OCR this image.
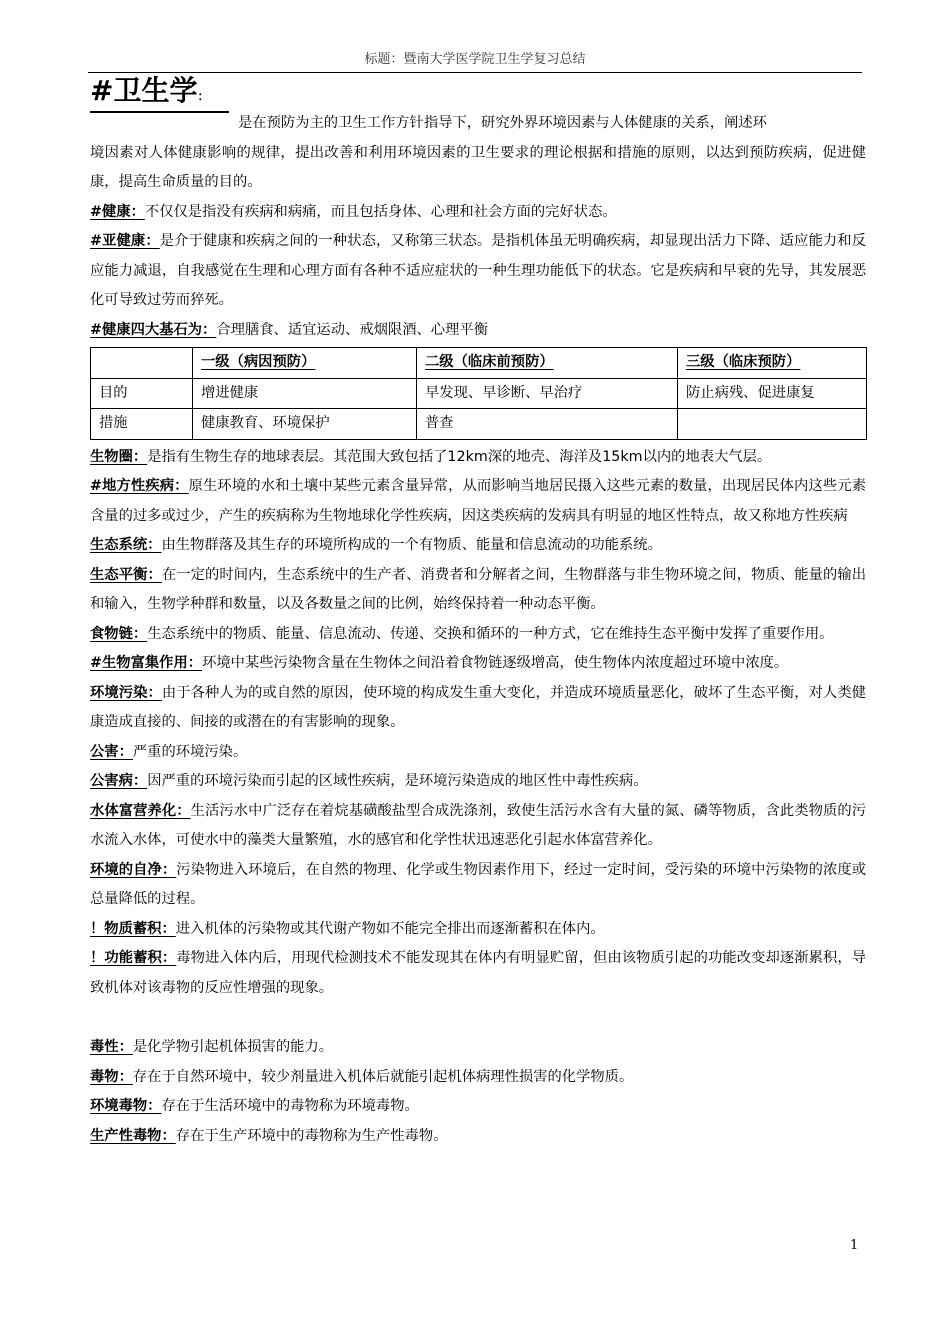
标题：暨南大学医学院卫生学复习总结
#卫生学：
是在预防为主的卫生工作方针指导下，研究外界环境因素与人体健康的关系，阐述环

境因素对人体健康影响的规律，提出改善和利用环境因素的卫生要求的理论根据和措施的原则，以达到预防疾病，促进健康，提高生命质量的目的。

#健康：不仅仅是指没有疾病和病痛，而且包括身体、心理和社会方面的完好状态。

#亚健康：是介于健康和疾病之间的一种状态，又称第三状态。是指机体虽无明确疾病，却显现出活力下降、适应能力和反应能力减退，自我感觉在生理和心理方面有各种不适应症状的一种生理功能低下的状态。它是疾病和早衰的先导，其发展恶化可导致过劳而猝死。

#健康四大基石为：合理膳食、适宜运动、戒烟限酒、心理平衡

	一级（病因预防）	二级（临床前预防）	三级（临床预防）
目的	增进健康	早发现、早诊断、早治疗	防止病残、促进康复
措施	健康教育、环境保护	普查	

生物圈：是指有生物生存的地球表层。其范围大致包括了12km深的地壳、海洋及15km以内的地表大气层。

#地方性疾病：原生环境的水和土壤中某些元素含量异常，从而影响当地居民摄入这些元素的数量，出现居民体内这些元素含量的过多或过少，产生的疾病称为生物地球化学性疾病，因这类疾病的发病具有明显的地区性特点，故又称地方性疾病

生态系统：由生物群落及其生存的环境所构成的一个有物质、能量和信息流动的功能系统。

生态平衡：在一定的时间内，生态系统中的生产者、消费者和分解者之间，生物群落与非生物环境之间，物质、能量的输出和输入，生物学种群和数量，以及各数量之间的比例，始终保持着一种动态平衡。

食物链：生态系统中的物质、能量、信息流动、传递、交换和循环的一种方式，它在维持生态平衡中发挥了重要作用。

#生物富集作用：环境中某些污染物含量在生物体之间沿着食物链逐级增高，使生物体内浓度超过环境中浓度。

环境污染：由于各种人为的或自然的原因，使环境的构成发生重大变化，并造成环境质量恶化，破坏了生态平衡，对人类健康造成直接的、间接的或潜在的有害影响的现象。

公害：严重的环境污染。

公害病：因严重的环境污染而引起的区域性疾病，是环境污染造成的地区性中毒性疾病。

水体富营养化：生活污水中广泛存在着烷基磺酸盐型合成洗涤剂，致使生活污水含有大量的氮、磷等物质，含此类物质的污水流入水体，可使水中的藻类大量繁殖，水的感官和化学性状迅速恶化引起水体富营养化。

环境的自净：污染物进入环境后，在自然的物理、化学或生物因素作用下，经过一定时间，受污染的环境中污染物的浓度或总量降低的过程。

！物质蓄积：进入机体的污染物或其代谢产物如不能完全排出而逐渐蓄积在体内。

！功能蓄积：毒物进入体内后，用现代检测技术不能发现其在体内有明显贮留，但由该物质引起的功能改变却逐渐累积，导致机体对该毒物的反应性增强的现象。

毒性：是化学物引起机体损害的能力。

毒物：存在于自然环境中，较少剂量进入机体后就能引起机体病理性损害的化学物质。

环境毒物：存在于生活环境中的毒物称为环境毒物。

生产性毒物：存在于生产环境中的毒物称为生产性毒物。

1
